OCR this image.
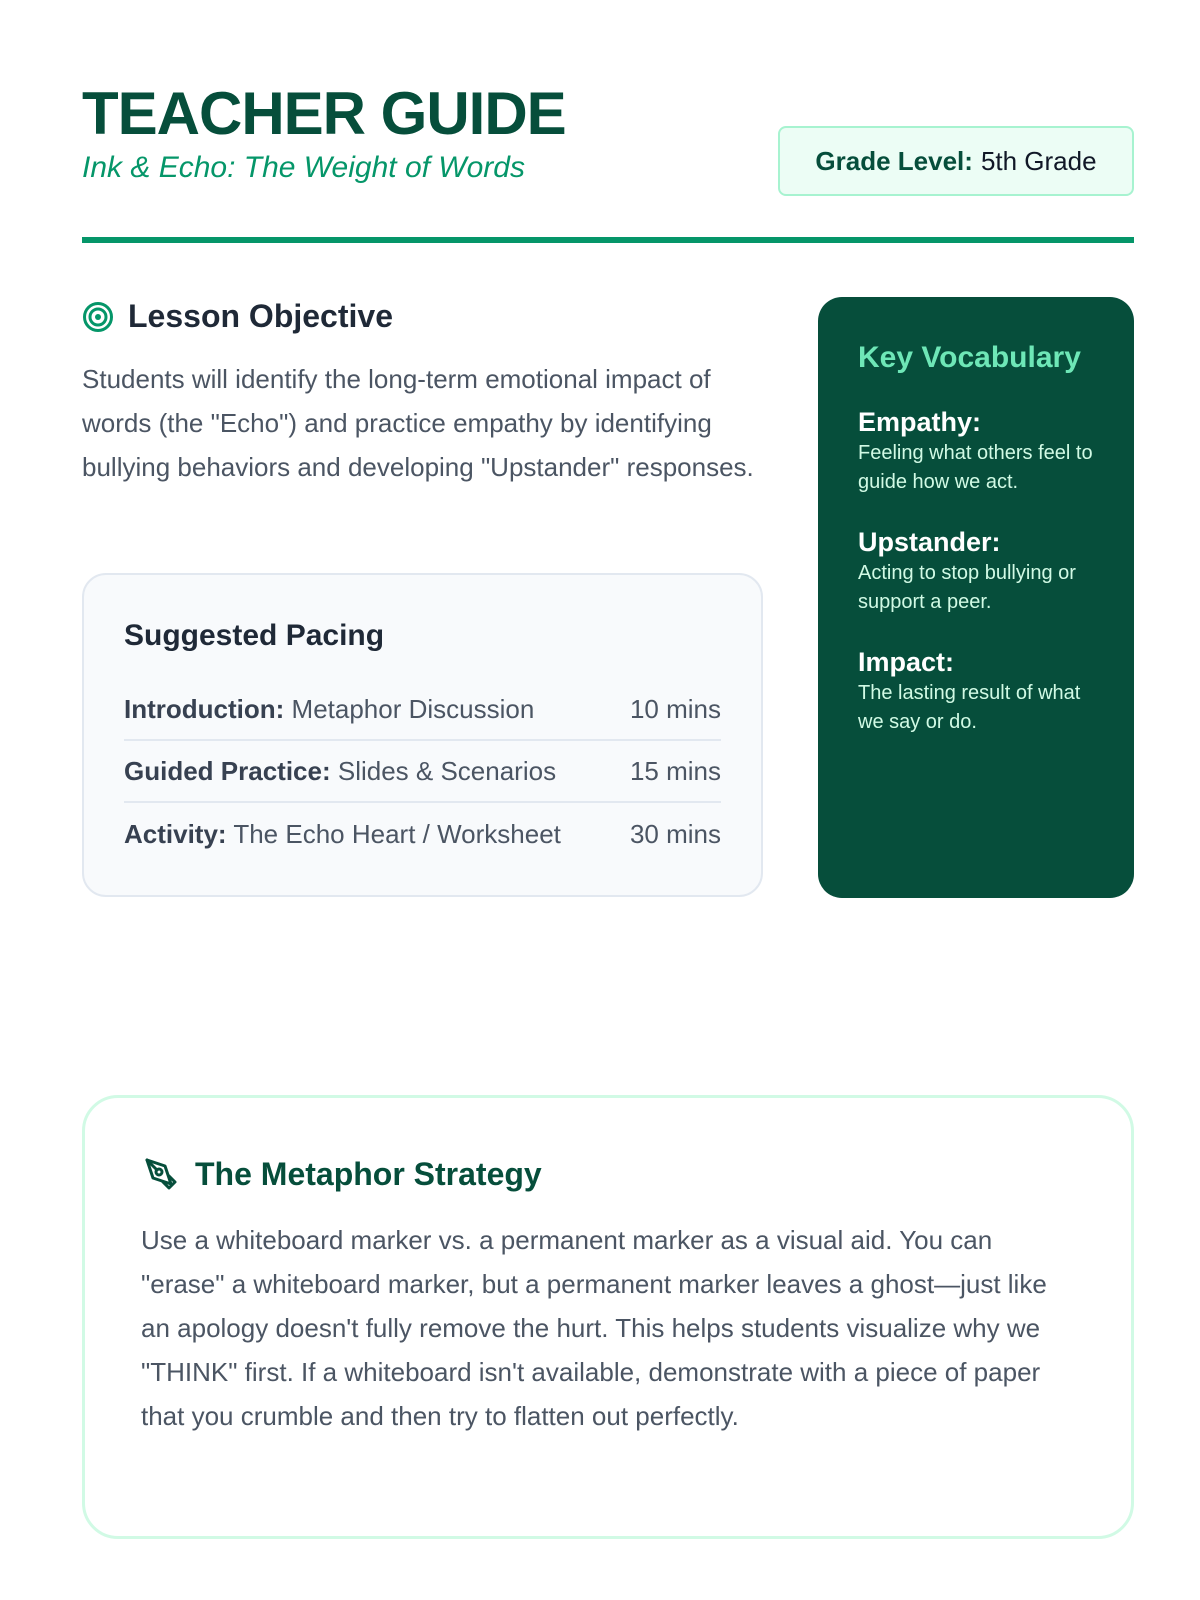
TEACHER GUIDE
Ink & Echo: The Weight of Words	Grade Level: 5th Grade
Lesson Objective

Students will identify the long-term emotional impact of words (the "Echo") and practice empathy by identifying bullying behaviors and developing "Upstander" responses.

Suggested Pacing
Introduction: Metaphor Discussion	10 mins
Guided Practice: Slides & Scenarios	15 mins
Activity: The Echo Heart / Worksheet	30 mins
Key Vocabulary
Empathy:
Feeling what others feel to guide how we act.
Upstander:
Acting to stop bullying or support a peer.
Impact:
The lasting result of what we say or do.
The Metaphor Strategy

Use a whiteboard marker vs. a permanent marker as a visual aid. You can "erase" a whiteboard marker, but a permanent marker leaves a ghost—just like an apology doesn't fully remove the hurt. This helps students visualize why we "THINK" first. If a whiteboard isn't available, demonstrate with a piece of paper that you crumble and then try to flatten out perfectly.
